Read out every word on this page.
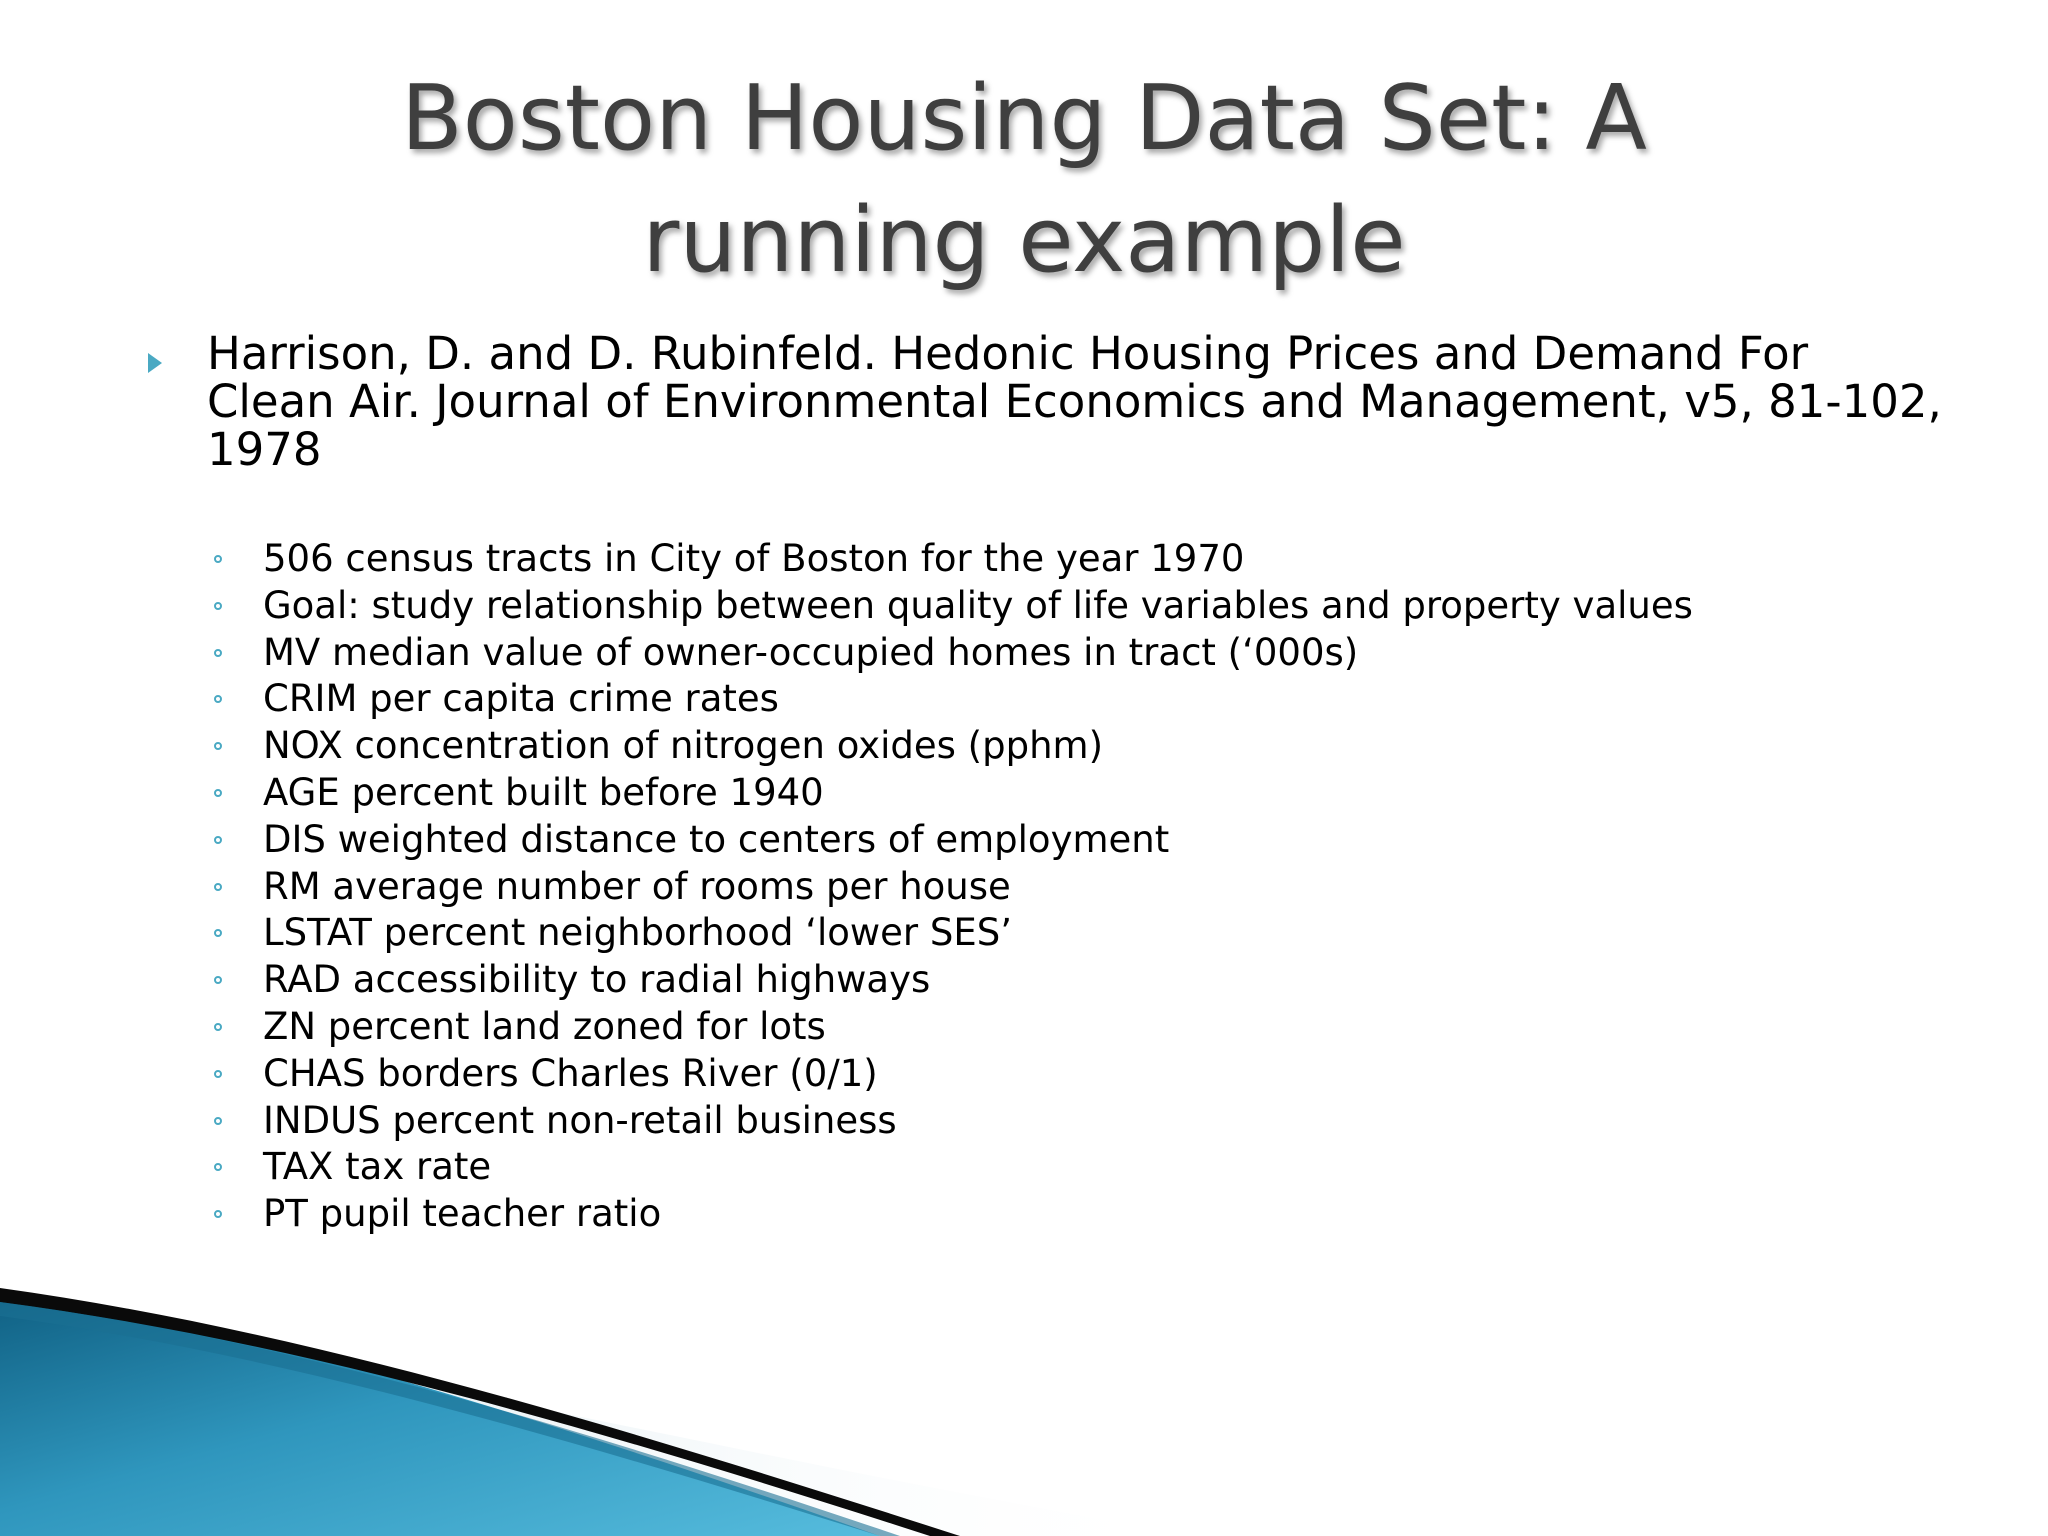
Boston Housing Data Set: A
running example
Harrison, D. and D. Rubinfeld. Hedonic Housing Prices and Demand For Clean Air. Journal of Environmental Economics and Management, v5, 81-102, 1978
506 census tracts in City of Boston for the year 1970
Goal: study relationship between quality of life variables and property values
MV median value of owner-occupied homes in tract (‘000s)
CRIM per capita crime rates
NOX concentration of nitrogen oxides (pphm)
AGE percent built before 1940
DIS weighted distance to centers of employment
RM average number of rooms per house
LSTAT percent neighborhood ‘lower SES’
RAD accessibility to radial highways
ZN percent land zoned for lots
CHAS borders Charles River (0/1)
INDUS percent non-retail business
TAX tax rate
PT pupil teacher ratio
